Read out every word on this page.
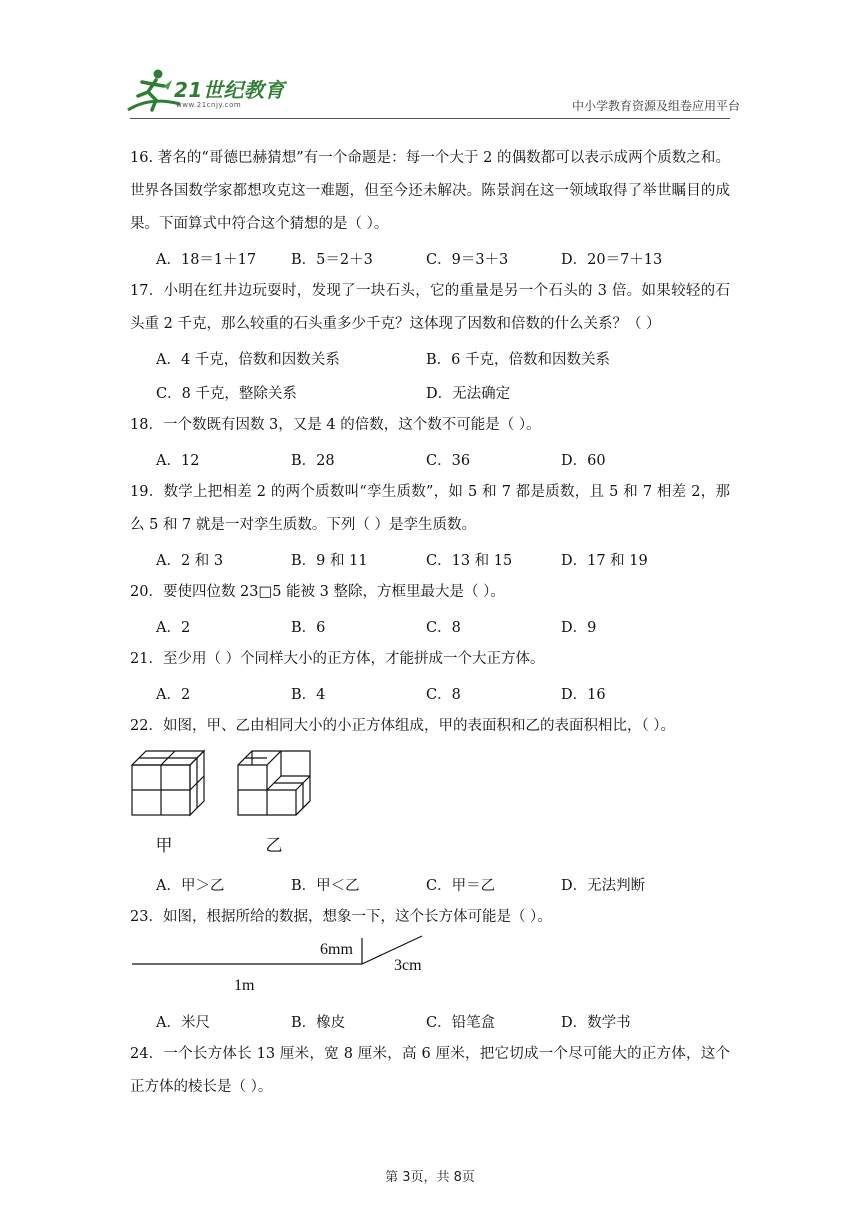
21世纪教育
www.21cnjy.com	中小学教育资源及组卷应用平台
16. 著名的“哥德巴赫猜想”有一个命题是：每一个大于 2 的偶数都可以表示成两个质数之和。世界各国数学家都想攻克这一难题，但至今还未解决。陈景润在这一领域取得了举世瞩目的成果。下面算式中符合这个猜想的是（ ）。
A．18＝1＋17	B．5＝2＋3	C．9＝3＋3	D．20＝7＋13
17．小明在红井边玩耍时，发现了一块石头，它的重量是另一个石头的 3 倍。如果较轻的石头重 2 千克，那么较重的石头重多少千克？这体现了因数和倍数的什么关系？（ ）
A．4 千克，倍数和因数关系	B．6 千克，倍数和因数关系
C．8 千克，整除关系	D．无法确定
18．一个数既有因数 3，又是 4 的倍数，这个数不可能是（ ）。
A．12	B．28	C．36	D．60
19．数学上把相差 2 的两个质数叫“孪生质数”，如 5 和 7 都是质数，且 5 和 7 相差 2，那么 5 和 7 就是一对孪生质数。下列（ ）是孪生质数。
A．2 和 3	B．9 和 11	C．13 和 15	D．17 和 19
20．要使四位数 23□5 能被 3 整除，方框里最大是（ ）。
A．2	B．6	C．8	D．9
21．至少用（ ）个同样大小的正方体，才能拼成一个大正方体。
A．2	B．4	C．8	D．16
22．如图，甲、乙由相同大小的小正方体组成，甲的表面积和乙的表面积相比，（ ）。
甲	乙
A．甲＞乙	B．甲＜乙	C．甲＝乙	D．无法判断
23．如图，根据所给的数据，想象一下，这个长方体可能是（ ）。
6mm
3cm
1m
A．米尺	B．橡皮	C．铅笔盒	D．数学书
24．一个长方体长 13 厘米，宽 8 厘米，高 6 厘米，把它切成一个尽可能大的正方体，这个正方体的棱长是（ ）。
第 3页，共 8页
